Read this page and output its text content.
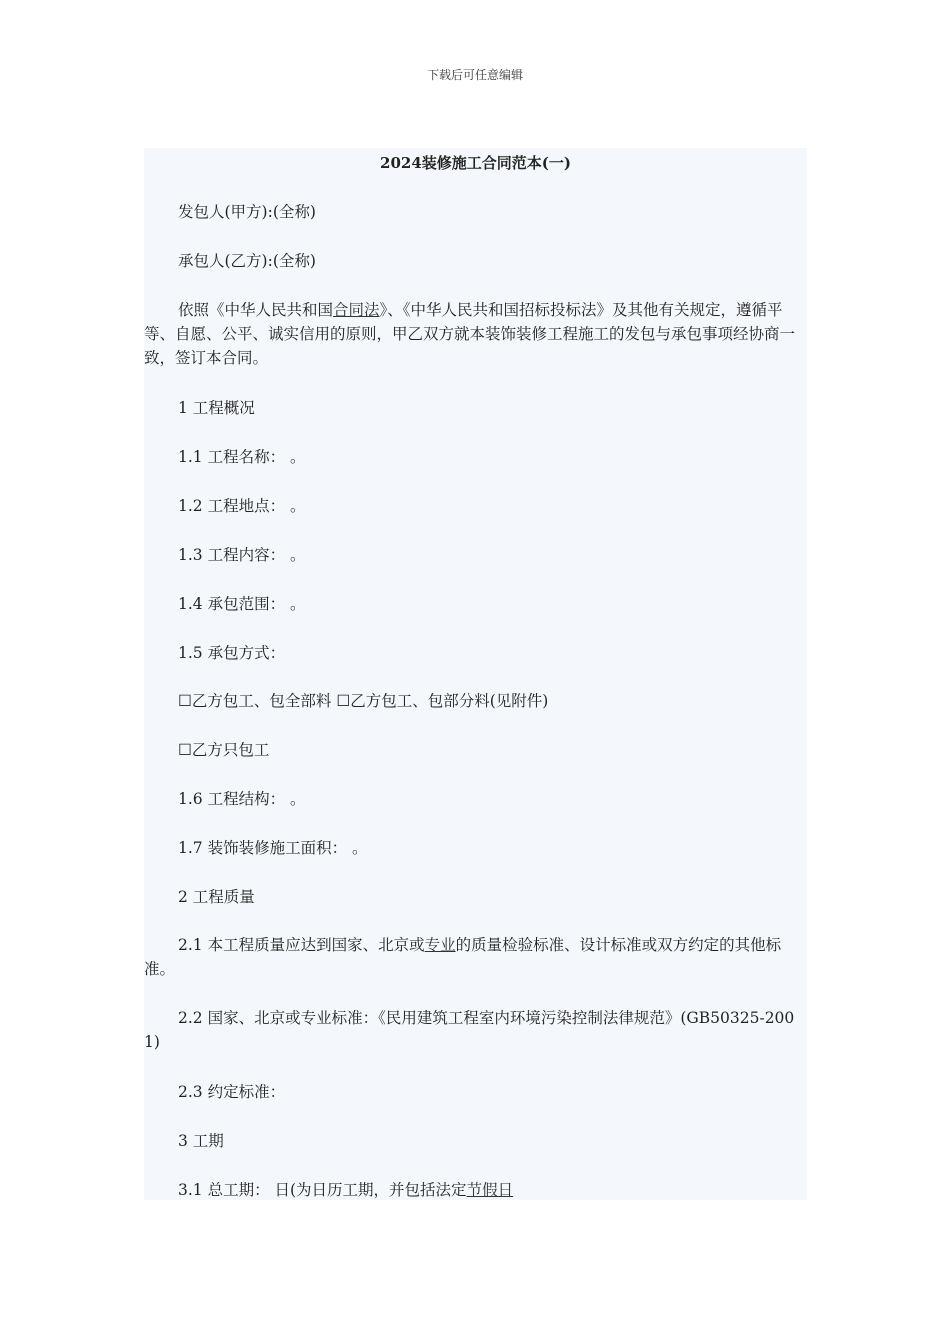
下载后可任意编辑
2024装修施工合同范本(一)

发包人(甲方):(全称)

承包人(乙方):(全称)

依照《中华人民共和国合同法》、《中华人民共和国招标投标法》及其他有关规定，遵循平等、自愿、公平、诚实信用的原则，甲乙双方就本装饰装修工程施工的发包与承包事项经协商一致，签订本合同。

1 工程概况

1.1 工程名称： 。

1.2 工程地点： 。

1.3 工程内容： 。

1.4 承包范围： 。

1.5 承包方式：

☐乙方包工、包全部料 ☐乙方包工、包部分料(见附件)

☐乙方只包工

1.6 工程结构： 。

1.7 装饰装修施工面积： 。

2 工程质量

2.1 本工程质量应达到国家、北京或专业的质量检验标准、设计标准或双方约定的其他标准。

2.2 国家、北京或专业标准：《民用建筑工程室内环境污染控制法律规范》(GB50325-2001)

2.3 约定标准：

3 工期

3.1 总工期： 日(为日历工期，并包括法定节假日
